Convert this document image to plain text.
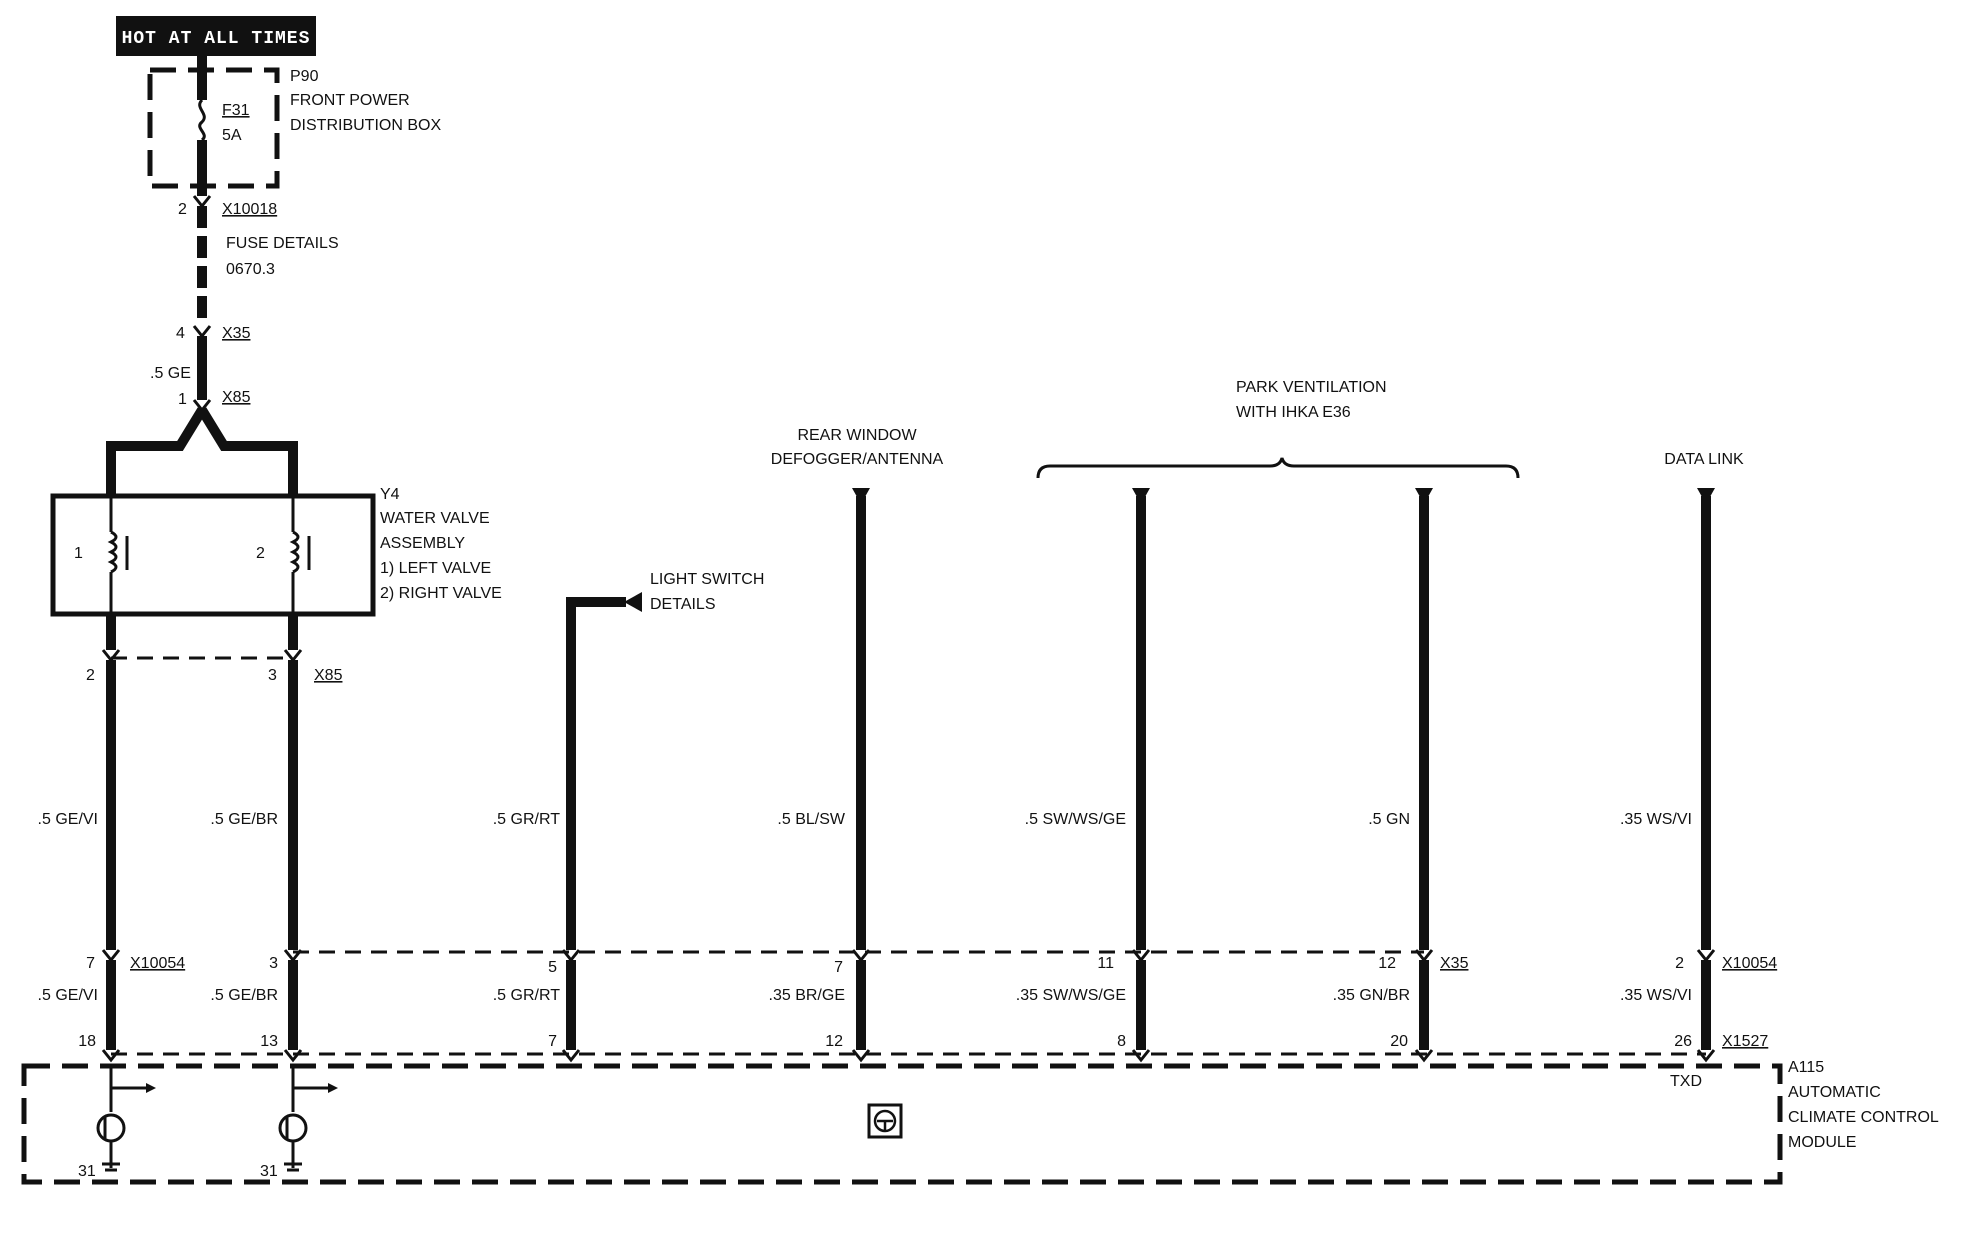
HOT AT ALL TIMES
P90
FRONT POWER
DISTRIBUTION BOX
F31
5A
2 X10018
FUSE DETAILS
0670.3
4 X35
.5 GE
1 X85
1	2
Y4
WATER VALVE
ASSEMBLY
1) LEFT VALVE
2) RIGHT VALVE
2	3 X85
LIGHT SWITCH
DETAILS
REAR WINDOW
DEFOGGER/ANTENNA
PARK VENTILATION
WITH IHKA E36
DATA LINK
.5 GE/VI	.5 GE/BR	.5 GR/RT	.5 BL/SW	.5 SW/WS/GE	.5 GN	.35 WS/VI
7	3	5	7	11	12	2
X10054	X35	X10054
.5 GE/VI	.5 GE/BR	.5 GR/RT	.35 BR/GE	.35 SW/WS/GE	.35 GN/BR	.35 WS/VI
18	13	7	12	8	20	26 X1527
31	31
TXD
A115
AUTOMATIC
CLIMATE CONTROL
MODULE
